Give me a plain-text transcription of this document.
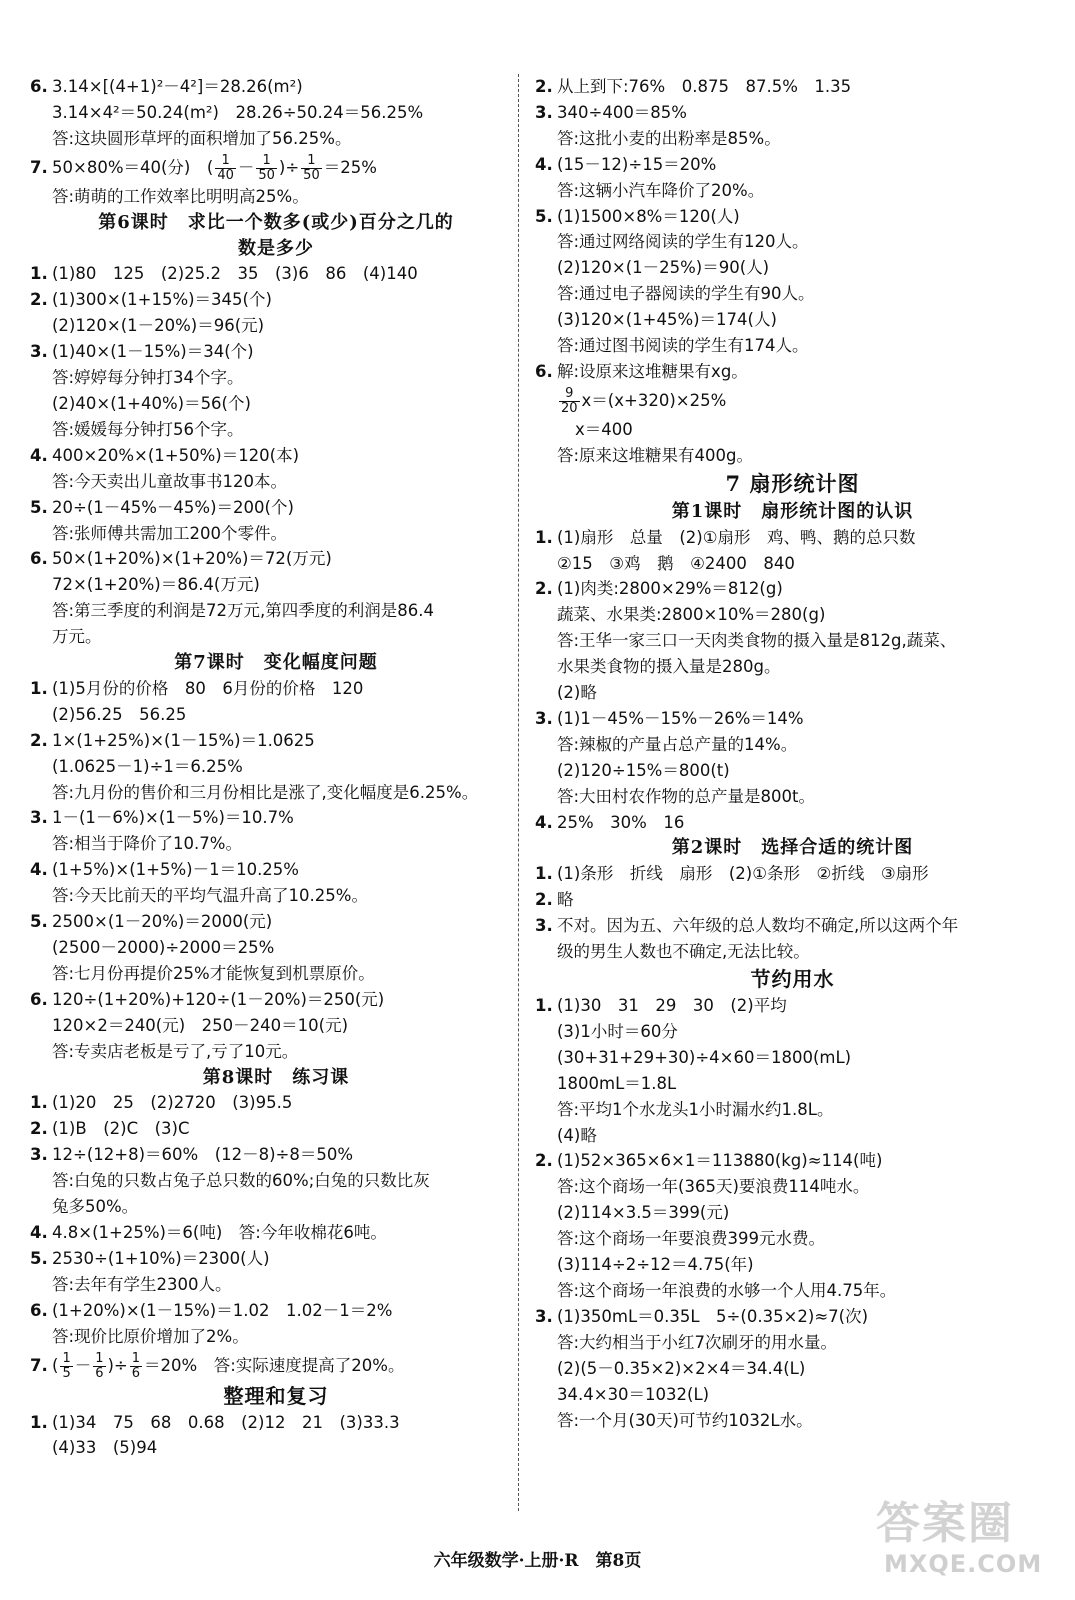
6. 3.14×[(4+1)²－4²]＝28.26(m²)
3.14×4²＝50.24(m²)　28.26÷50.24＝56.25%
答:这块圆形草坪的面积增加了56.25%。
7. 50×80%＝40(分)　( $\frac{1}{40} - \frac{1}{50}$ )÷ $\frac{1}{50} =25\%$
答:萌萌的工作效率比明明高25%。
第6课时　求比一个数多(或少)百分之几的
数是多少
1. (1)80　125　(2)25.2　35　(3)6　86　(4)140
2. (1)300×(1+15%)＝345(个)
(2)120×(1－20%)＝96(元)
3. (1)40×(1－15%)＝34(个)
答:婷婷每分钟打34个字。
(2)40×(1+40%)＝56(个)
答:媛媛每分钟打56个字。
4. 400×20%×(1+50%)＝120(本)
答:今天卖出儿童故事书120本。
5. 20÷(1－45%－45%)＝200(个)
答:张师傅共需加工200个零件。
6. 50×(1+20%)×(1+20%)＝72(万元)
72×(1+20%)＝86.4(万元)
答:第三季度的利润是72万元,第四季度的利润是86.4
万元。
第7课时　变化幅度问题
1. (1)5月份的价格　80　6月份的价格　120
(2)56.25　56.25
2. 1×(1+25%)×(1－15%)＝1.0625
(1.0625－1)÷1＝6.25%
答:九月份的售价和三月份相比是涨了,变化幅度是6.25%。
3. 1－(1－6%)×(1－5%)＝10.7%
答:相当于降价了10.7%。
4. (1+5%)×(1+5%)－1＝10.25%
答:今天比前天的平均气温升高了10.25%。
5. 2500×(1－20%)＝2000(元)
(2500－2000)÷2000＝25%
答:七月份再提价25%才能恢复到机票原价。
6. 120÷(1+20%)+120÷(1－20%)＝250(元)
120×2＝240(元)　250－240＝10(元)
答:专卖店老板是亏了,亏了10元。
第8课时　练习课
1. (1)20　25　(2)2720　(3)95.5
2. (1)B　(2)C　(3)C
3. 12÷(12+8)＝60%　(12－8)÷8＝50%
答:白兔的只数占兔子总只数的60%;白兔的只数比灰
兔多50%。
4. 4.8×(1+25%)＝6(吨)　答:今年收棉花6吨。
5. 2530÷(1+10%)＝2300(人)
答:去年有学生2300人。
6. (1+20%)×(1－15%)＝1.02　1.02－1＝2%
答:现价比原价增加了2%。
7. ( $\frac{1}{5} - \frac{1}{6}$ )÷ $\frac{1}{6} =20\%$　答:实际速度提高了20%。
整理和复习
1. (1)34　75　68　0.68　(2)12　21　(3)33.3
(4)33　(5)94
2. 从上到下:76%　0.875　87.5%　1.35
3. 340÷400＝85%
答:这批小麦的出粉率是85%。
4. (15－12)÷15＝20%
答:这辆小汽车降价了20%。
5. (1)1500×8%＝120(人)
答:通过网络阅读的学生有120人。
(2)120×(1－25%)＝90(人)
答:通过电子器阅读的学生有90人。
(3)120×(1+45%)＝174(人)
答:通过图书阅读的学生有174人。
6. 解:设原来这堆糖果有xg。
$\frac{9}{20} x=(x+320)\times 25\%$
x＝400
答:原来这堆糖果有400g。
7 扇形统计图
第1课时　扇形统计图的认识
1. (1)扇形　总量　(2)①扇形　鸡、鸭、鹅的总只数
②15　③鸡　鹅　④2400　840
2. (1)肉类:2800×29%＝812(g)
蔬菜、水果类:2800×10%＝280(g)
答:王华一家三口一天肉类食物的摄入量是812g,蔬菜、
水果类食物的摄入量是280g。
(2)略
3. (1)1－45%－15%－26%＝14%
答:辣椒的产量占总产量的14%。
(2)120÷15%＝800(t)
答:大田村农作物的总产量是800t。
4. 25%　30%　16
第2课时　选择合适的统计图
1. (1)条形　折线　扇形　(2)①条形　②折线　③扇形
2. 略
3. 不对。因为五、六年级的总人数均不确定,所以这两个年
级的男生人数也不确定,无法比较。
节约用水
1. (1)30　31　29　30　(2)平均
(3)1小时＝60分
(30+31+29+30)÷4×60＝1800(mL)
1800mL＝1.8L
答:平均1个水龙头1小时漏水约1.8L。
(4)略
2. (1)52×365×6×1＝113880(kg)≈114(吨)
答:这个商场一年(365天)要浪费114吨水。
(2)114×3.5＝399(元)
答:这个商场一年要浪费399元水费。
(3)114÷2÷12＝4.75(年)
答:这个商场一年浪费的水够一个人用4.75年。
3. (1)350mL＝0.35L　5÷(0.35×2)≈7(次)
答:大约相当于小红7次刷牙的用水量。
(2)(5－0.35×2)×2×4＝34.4(L)
34.4×30＝1032(L)
答:一个月(30天)可节约1032L水。
六年级数学·上册·R　第8页
答案圈
MXQE.COM
